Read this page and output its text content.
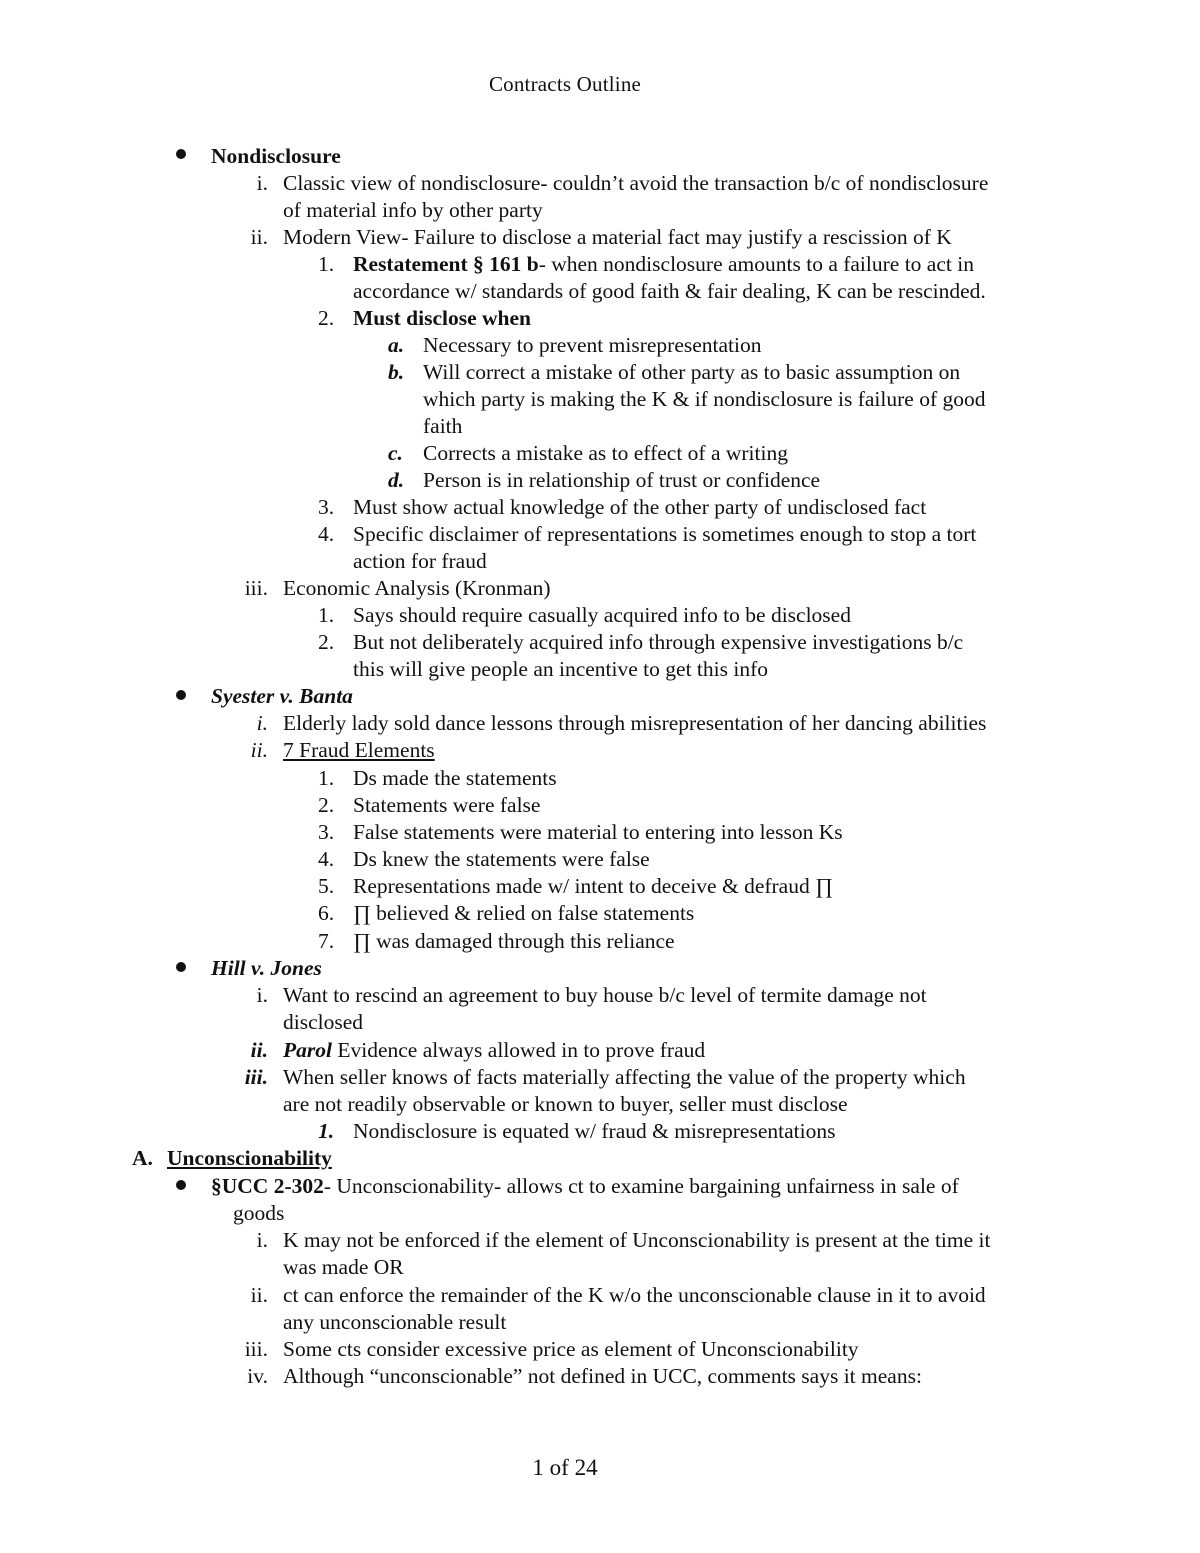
Contracts Outline
Nondisclosure
i. Classic view of nondisclosure- couldn’t avoid the transaction b/c of nondisclosure
of material info by other party
ii. Modern View- Failure to disclose a material fact may justify a rescission of K
1. Restatement § 161 b- when nondisclosure amounts to a failure to act in
accordance w/ standards of good faith & fair dealing, K can be rescinded.
2. Must disclose when
a. Necessary to prevent misrepresentation
b. Will correct a mistake of other party as to basic assumption on
which party is making the K & if nondisclosure is failure of good
faith
c. Corrects a mistake as to effect of a writing
d. Person is in relationship of trust or confidence
3. Must show actual knowledge of the other party of undisclosed fact
4. Specific disclaimer of representations is sometimes enough to stop a tort
action for fraud
iii. Economic Analysis (Kronman)
1. Says should require casually acquired info to be disclosed
2. But not deliberately acquired info through expensive investigations b/c
this will give people an incentive to get this info
Syester v. Banta
i. Elderly lady sold dance lessons through misrepresentation of her dancing abilities
ii. 7 Fraud Elements
1. Ds made the statements
2. Statements were false
3. False statements were material to entering into lesson Ks
4. Ds knew the statements were false
5. Representations made w/ intent to deceive & defraud ∏
6. ∏ believed & relied on false statements
7. ∏ was damaged through this reliance
Hill v. Jones
i. Want to rescind an agreement to buy house b/c level of termite damage not
disclosed
ii. Parol Evidence always allowed in to prove fraud
iii. When seller knows of facts materially affecting the value of the property which
are not readily observable or known to buyer, seller must disclose
1. Nondisclosure is equated w/ fraud & misrepresentations
A. Unconscionability
§UCC 2-302- Unconscionability- allows ct to examine bargaining unfairness in sale of
goods
i. K may not be enforced if the element of Unconscionability is present at the time it
was made OR
ii. ct can enforce the remainder of the K w/o the unconscionable clause in it to avoid
any unconscionable result
iii. Some cts consider excessive price as element of Unconscionability
iv. Although “unconscionable” not defined in UCC, comments says it means:
1 of 24
